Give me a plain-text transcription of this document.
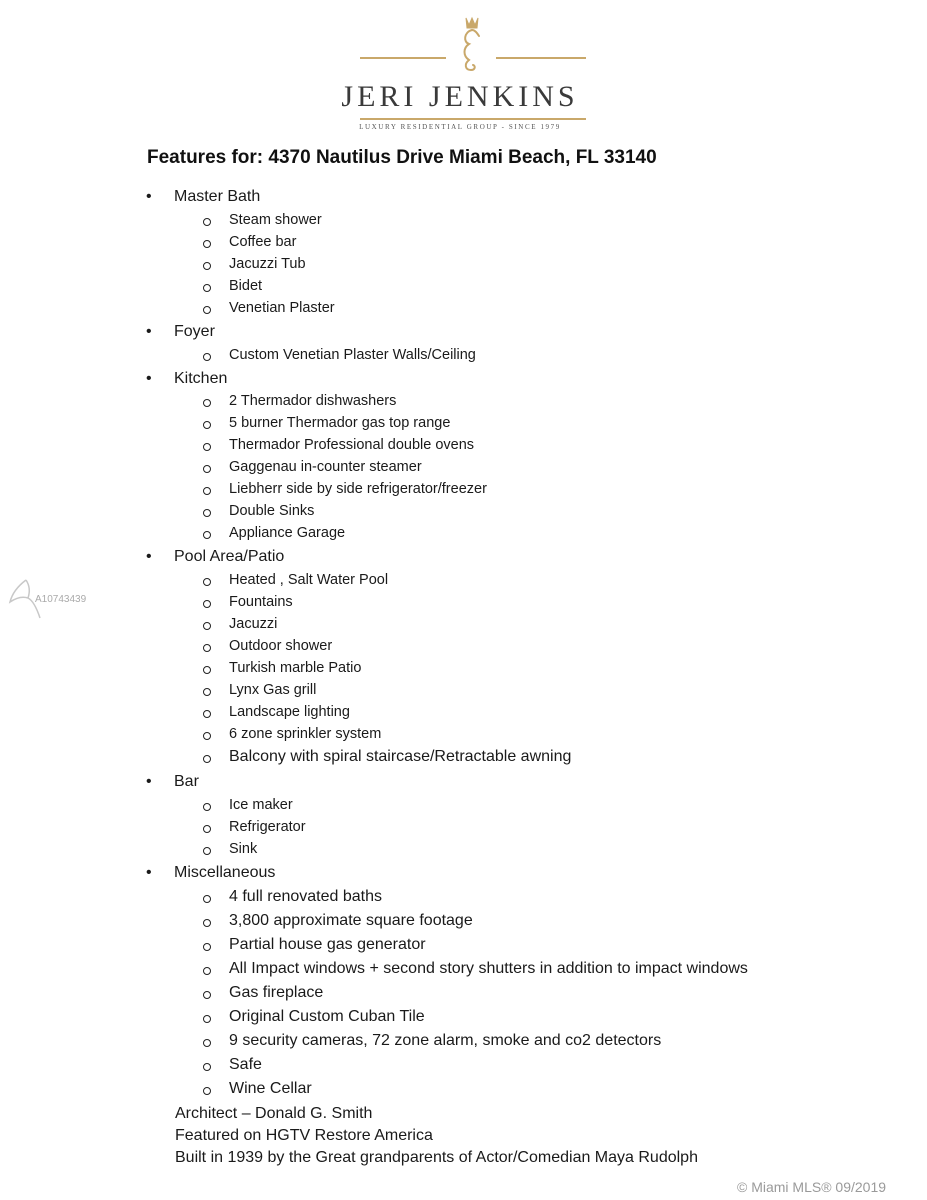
JERI JENKINS
LUXURY RESIDENTIAL GROUP - SINCE 1979
Features for: 4370 Nautilus Drive Miami Beach, FL 33140
• Master Bath
Steam shower
Coffee bar
Jacuzzi Tub
Bidet
Venetian Plaster
• Foyer
Custom Venetian Plaster Walls/Ceiling
• Kitchen
2 Thermador dishwashers
5 burner Thermador gas top range
Thermador Professional double ovens
Gaggenau in-counter steamer
Liebherr side by side refrigerator/freezer
Double Sinks
Appliance Garage
• Pool Area/Patio
Heated , Salt Water Pool
Fountains
Jacuzzi
Outdoor shower
Turkish marble Patio
Lynx Gas grill
Landscape lighting
6 zone sprinkler system
Balcony with spiral staircase/Retractable awning
• Bar
Ice maker
Refrigerator
Sink
• Miscellaneous
4 full renovated baths
3,800 approximate square footage
Partial house gas generator
All Impact windows + second story shutters in addition to impact windows
Gas fireplace
Original Custom Cuban Tile
9 security cameras, 72 zone alarm, smoke and co2 detectors
Safe
Wine Cellar
Architect – Donald G. Smith
Featured on HGTV Restore America
Built in 1939 by the Great grandparents of Actor/Comedian Maya Rudolph
A10743439
© Miami MLS® 09/2019
